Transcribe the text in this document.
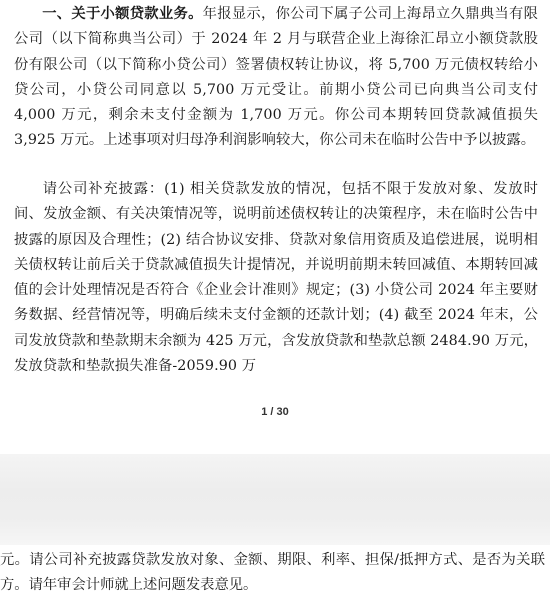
一、关于小额贷款业务。年报显示，你公司下属子公司上海昂立久鼎典当有限公司（以下简称典当公司）于 2024 年 2 月与联营企业上海徐汇昂立小额贷款股份有限公司（以下简称小贷公司）签署债权转让协议，将 5,700 万元债权转给小贷公司，小贷公司同意以 5,700 万元受让。前期小贷公司已向典当公司支付 4,000 万元，剩余未支付金额为 1,700 万元。你公司本期转回贷款减值损失 3,925 万元。上述事项对归母净利润影响较大，你公司未在临时公告中予以披露。

请公司补充披露：(1) 相关贷款发放的情况，包括不限于发放对象、发放时间、发放金额、有关决策情况等，说明前述债权转让的决策程序，未在临时公告中披露的原因及合理性；(2) 结合协议安排、贷款对象信用资质及追偿进展，说明相关债权转让前后关于贷款减值损失计提情况，并说明前期未转回减值、本期转回减值的会计处理情况是否符合《企业会计准则》规定；(3) 小贷公司 2024 年主要财务数据、经营情况等，明确后续未支付金额的还款计划；(4) 截至 2024 年末，公司发放贷款和垫款期末余额为 425 万元，含发放贷款和垫款总额 2484.90 万元，发放贷款和垫款损失准备-2059.90 万

1 / 30

元。请公司补充披露贷款发放对象、金额、期限、利率、担保/抵押方式、是否为关联方。请年审会计师就上述问题发表意见。
